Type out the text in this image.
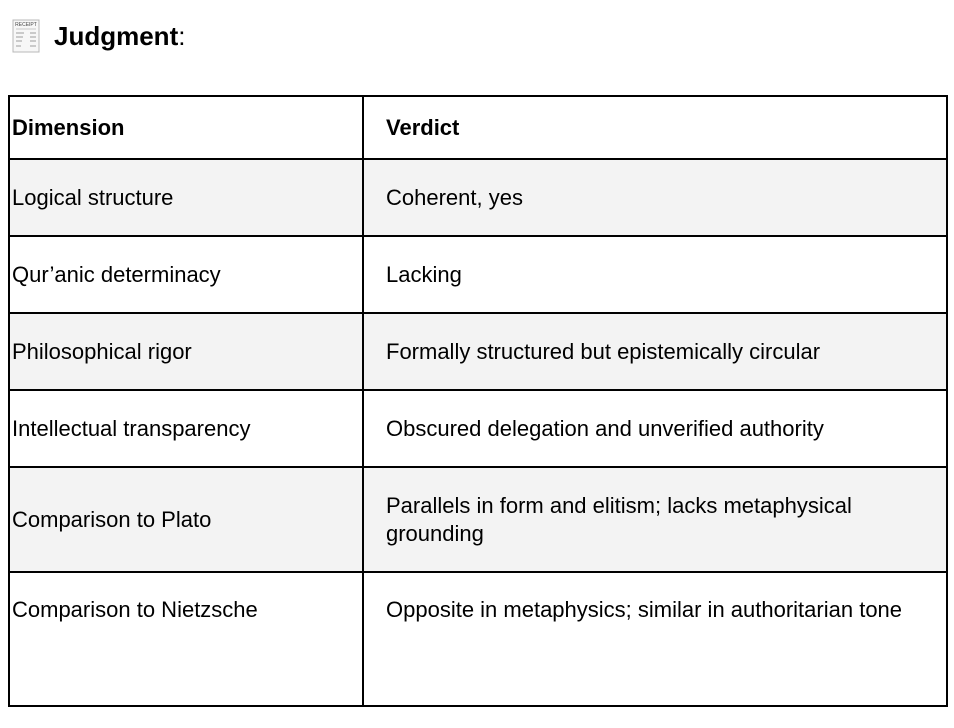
RECEIPT Judgment:
Dimension	Verdict
Logical structure	Coherent, yes
Qur’anic determinacy	Lacking
Philosophical rigor	Formally structured but epistemically circular
Intellectual transparency	Obscured delegation and unverified authority
Comparison to Plato	Parallels in form and elitism; lacks metaphysical grounding

Comparison to Nietzsche	Opposite in metaphysics; similar in authoritarian tone
